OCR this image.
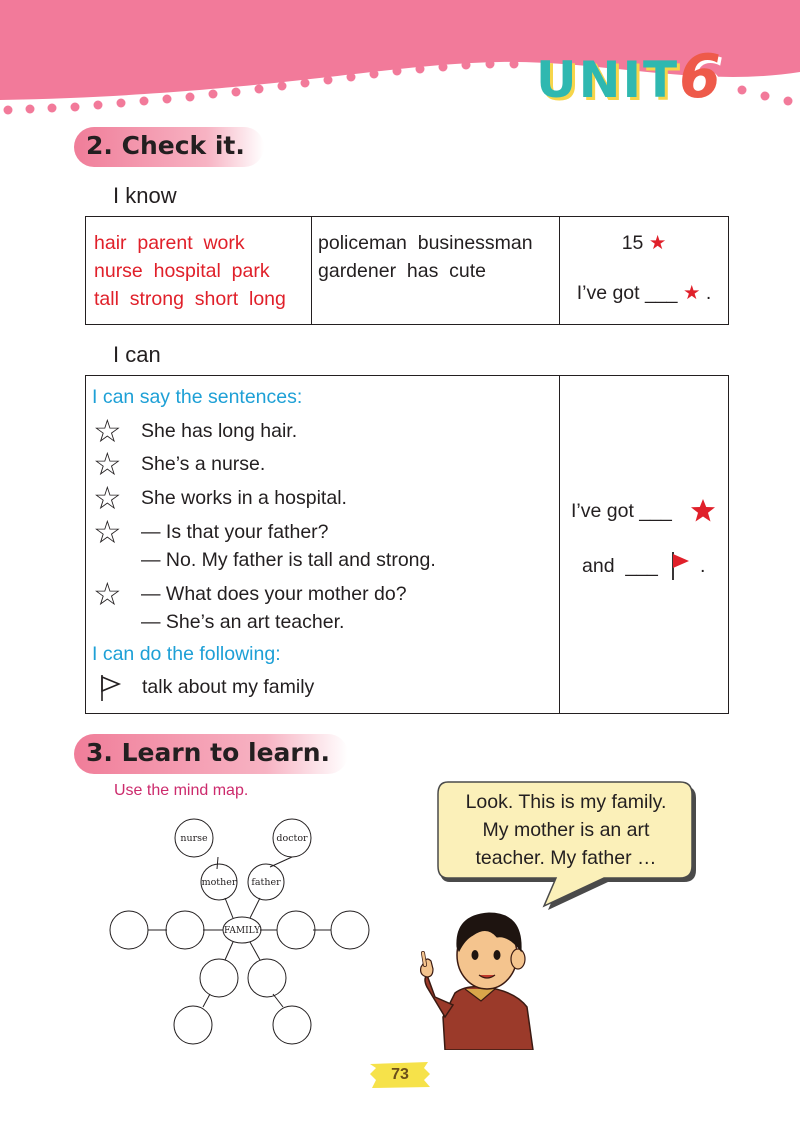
UNIT6
2. Check it.
I know
hair  parent  work
nurse  hospital  park
tall  strong  short  long

policeman  businessman
gardener  has  cute

15 ★
I’ve got ___ ★ .
I can

I can say the sentences:
☆ She has long hair.
☆ She’s a nurse.
☆ She works in a hospital.
☆ — Is that your father?
— No. My father is tall and strong.
☆ — What does your mother do?
— She’s an art teacher.
I can do the following:
talk about my family
I’ve got ___
and  ___ .
3. Learn to learn.
Use the mind map.
nurse	doctor
mother father
FAMILY
Look. This is my family.
My mother is an art
teacher. My father …
73
